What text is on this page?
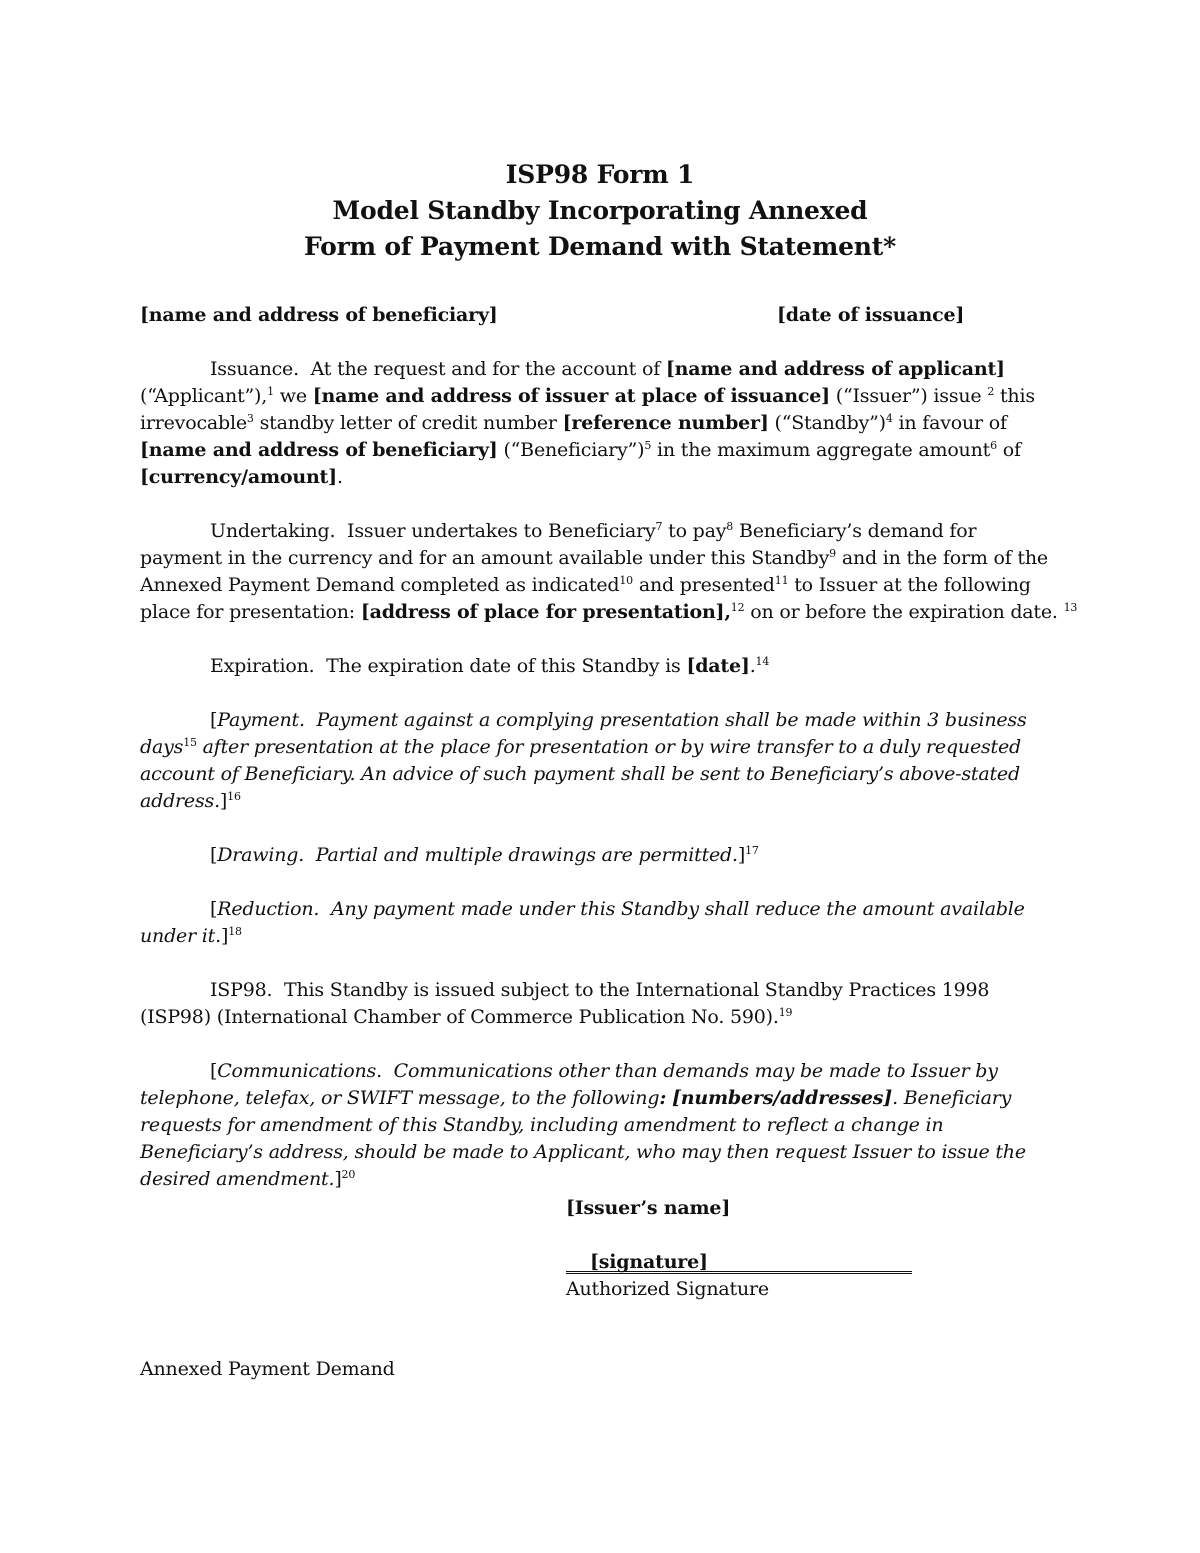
ISP98 Form 1
Model Standby Incorporating Annexed
Form of Payment Demand with Statement*
[name and address of beneficiary]	[date of issuance]
Issuance. At the request and for the account of [name and address of applicant]
(“Applicant”),$^1$ we [name and address of issuer at place of issuance] (“Issuer”) issue $^2$ this
irrevocable$^3$ standby letter of credit number [reference number] (“Standby”)$^4$ in favour of
[name and address of beneficiary] (“Beneficiary”)$^5$ in the maximum aggregate amount$^6$ of
[currency/amount].
Undertaking. Issuer undertakes to Beneficiary$^7$ to pay$^8$ Beneficiary’s demand for
payment in the currency and for an amount available under this Standby$^9$ and in the form of the
Annexed Payment Demand completed as indicated$^{10}$ and presented$^{11}$ to Issuer at the following
place for presentation: [address of place for presentation],$^{12}$ on or before the expiration date. $^{13}$
Expiration. The expiration date of this Standby is [date].$^{14}$
[Payment. Payment against a complying presentation shall be made within 3 business
days$^{15}$ after presentation at the place for presentation or by wire transfer to a duly requested
account of Beneficiary. An advice of such payment shall be sent to Beneficiary’s above-stated
address.]$^{16}$
[Drawing. Partial and multiple drawings are permitted.]$^{17}$
[Reduction. Any payment made under this Standby shall reduce the amount available
under it.]$^{18}$
ISP98. This Standby is issued subject to the International Standby Practices 1998
(ISP98) (International Chamber of Commerce Publication No. 590).$^{19}$
[Communications. Communications other than demands may be made to Issuer by
telephone, telefax, or SWIFT message, to the following: [numbers/addresses]. Beneficiary
requests for amendment of this Standby, including amendment to reflect a change in
Beneficiary’s address, should be made to Applicant, who may then request Issuer to issue the
desired amendment.]$^{20}$
[Issuer’s name]
[signature]
Authorized Signature
Annexed Payment Demand
